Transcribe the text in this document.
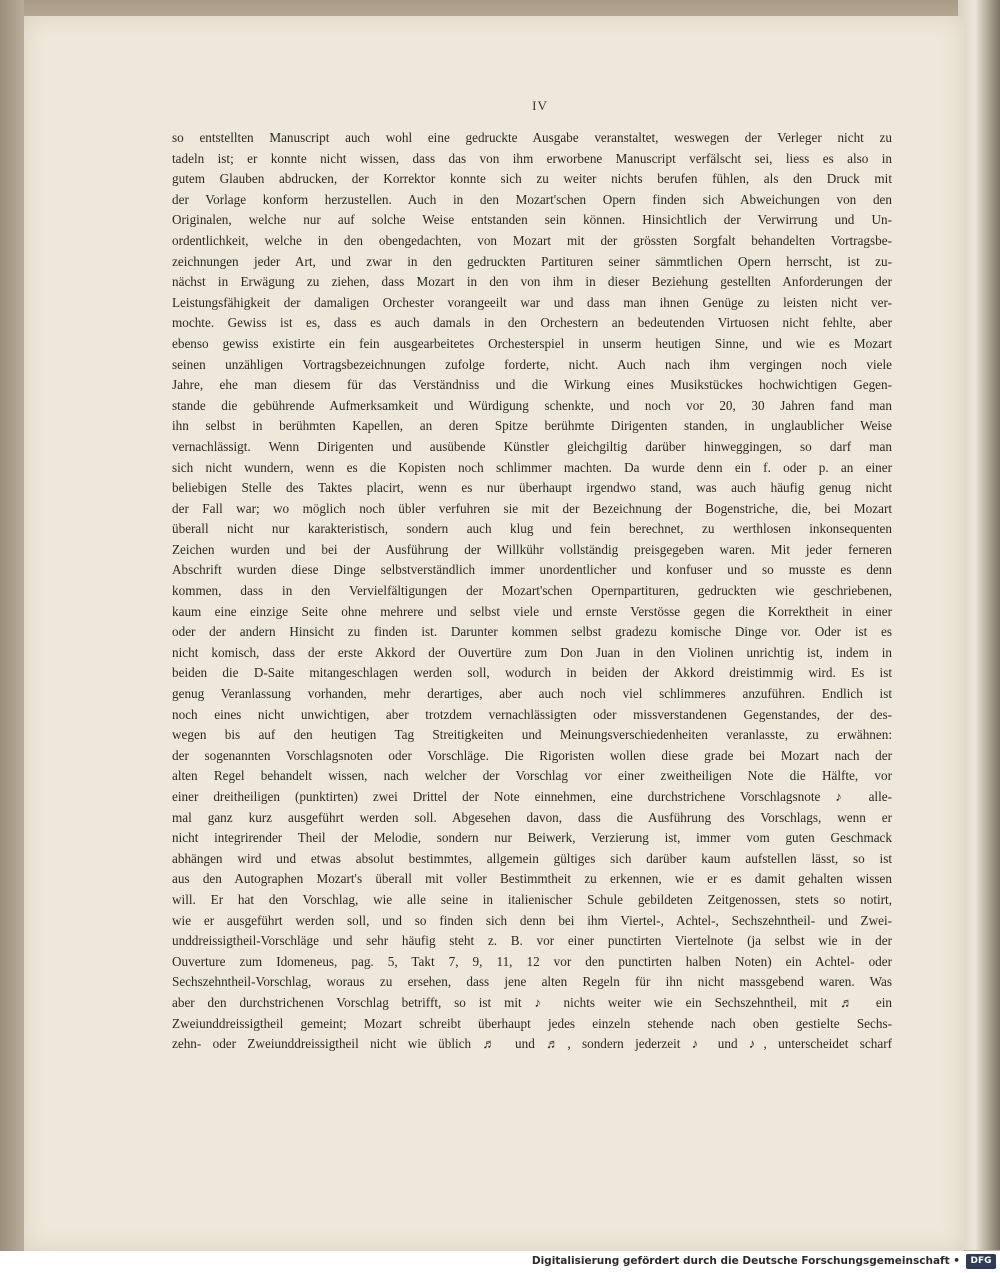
IV
so entstellten Manuscript auch wohl eine gedruckte Ausgabe veranstaltet, weswegen der Verleger nicht zu
tadeln ist; er konnte nicht wissen, dass das von ihm erworbene Manuscript verfälscht sei, liess es also in
gutem Glauben abdrucken, der Korrektor konnte sich zu weiter nichts berufen fühlen, als den Druck mit
der Vorlage konform herzustellen. Auch in den Mozart'schen Opern finden sich Abweichungen von den
Originalen, welche nur auf solche Weise entstanden sein können. Hinsichtlich der Verwirrung und Un-
ordentlichkeit, welche in den obengedachten, von Mozart mit der grössten Sorgfalt behandelten Vortragsbe-
zeichnungen jeder Art, und zwar in den gedruckten Partituren seiner sämmtlichen Opern herrscht, ist zu-
nächst in Erwägung zu ziehen, dass Mozart in den von ihm in dieser Beziehung gestellten Anforderungen der
Leistungsfähigkeit der damaligen Orchester vorangeeilt war und dass man ihnen Genüge zu leisten nicht ver-
mochte. Gewiss ist es, dass es auch damals in den Orchestern an bedeutenden Virtuosen nicht fehlte, aber
ebenso gewiss existirte ein fein ausgearbeitetes Orchesterspiel in unserm heutigen Sinne, und wie es Mozart
seinen unzähligen Vortragsbezeichnungen zufolge forderte, nicht. Auch nach ihm vergingen noch viele
Jahre, ehe man diesem für das Verständniss und die Wirkung eines Musikstückes hochwichtigen Gegen-
stande die gebührende Aufmerksamkeit und Würdigung schenkte, und noch vor 20, 30 Jahren fand man
ihn selbst in berühmten Kapellen, an deren Spitze berühmte Dirigenten standen, in unglaublicher Weise
vernachlässigt. Wenn Dirigenten und ausübende Künstler gleichgiltig darüber hinweggingen, so darf man
sich nicht wundern, wenn es die Kopisten noch schlimmer machten. Da wurde denn ein f. oder p. an einer
beliebigen Stelle des Taktes placirt, wenn es nur überhaupt irgendwo stand, was auch häufig genug nicht
der Fall war; wo möglich noch übler verfuhren sie mit der Bezeichnung der Bogenstriche, die, bei Mozart
überall nicht nur karakteristisch, sondern auch klug und fein berechnet, zu werthlosen inkonsequenten
Zeichen wurden und bei der Ausführung der Willkühr vollständig preisgegeben waren. Mit jeder ferneren
Abschrift wurden diese Dinge selbstverständlich immer unordentlicher und konfuser und so musste es denn
kommen, dass in den Vervielfältigungen der Mozart'schen Opernpartituren, gedruckten wie geschriebenen,
kaum eine einzige Seite ohne mehrere und selbst viele und ernste Verstösse gegen die Korrektheit in einer
oder der andern Hinsicht zu finden ist. Darunter kommen selbst gradezu komische Dinge vor. Oder ist es
nicht komisch, dass der erste Akkord der Ouvertüre zum Don Juan in den Violinen unrichtig ist, indem in
beiden die D-Saite mitangeschlagen werden soll, wodurch in beiden der Akkord dreistimmig wird. Es ist
genug Veranlassung vorhanden, mehr derartiges, aber auch noch viel schlimmeres anzuführen. Endlich ist
noch eines nicht unwichtigen, aber trotzdem vernachlässigten oder missverstandenen Gegenstandes, der des-
wegen bis auf den heutigen Tag Streitigkeiten und Meinungsverschiedenheiten veranlasste, zu erwähnen:
der sogenannten Vorschlagsnoten oder Vorschläge. Die Rigoristen wollen diese grade bei Mozart nach der
alten Regel behandelt wissen, nach welcher der Vorschlag vor einer zweitheiligen Note die Hälfte, vor
einer dreitheiligen (punktirten) zwei Drittel der Note einnehmen, eine durchstrichene Vorschlagsnote ♪ alle-
mal ganz kurz ausgeführt werden soll. Abgesehen davon, dass die Ausführung des Vorschlags, wenn er
nicht integrirender Theil der Melodie, sondern nur Beiwerk, Verzierung ist, immer vom guten Geschmack
abhängen wird und etwas absolut bestimmtes, allgemein gültiges sich darüber kaum aufstellen lässt, so ist
aus den Autographen Mozart's überall mit voller Bestimmtheit zu erkennen, wie er es damit gehalten wissen
will. Er hat den Vorschlag, wie alle seine in italienischer Schule gebildeten Zeitgenossen, stets so notirt,
wie er ausgeführt werden soll, und so finden sich denn bei ihm Viertel-, Achtel-, Sechszehntheil- und Zwei-
unddreissigtheil-Vorschläge und sehr häufig steht z. B. vor einer punctirten Viertelnote (ja selbst wie in der
Ouverture zum Idomeneus, pag. 5, Takt 7, 9, 11, 12 vor den punctirten halben Noten) ein Achtel- oder
Sechszehntheil-Vorschlag, woraus zu ersehen, dass jene alten Regeln für ihn nicht massgebend waren. Was
aber den durchstrichenen Vorschlag betrifft, so ist mit ♪ nichts weiter wie ein Sechszehntheil, mit ♬ ein
Zweiunddreissigtheil gemeint; Mozart schreibt überhaupt jedes einzeln stehende nach oben gestielte Sechs-
zehn- oder Zweiunddreissigtheil nicht wie üblich ♬ und ♬, sondern jederzeit ♪ und ♪, unterscheidet scharf
Digitalisierung gefördert durch die Deutsche Forschungsgemeinschaft •	DFG
